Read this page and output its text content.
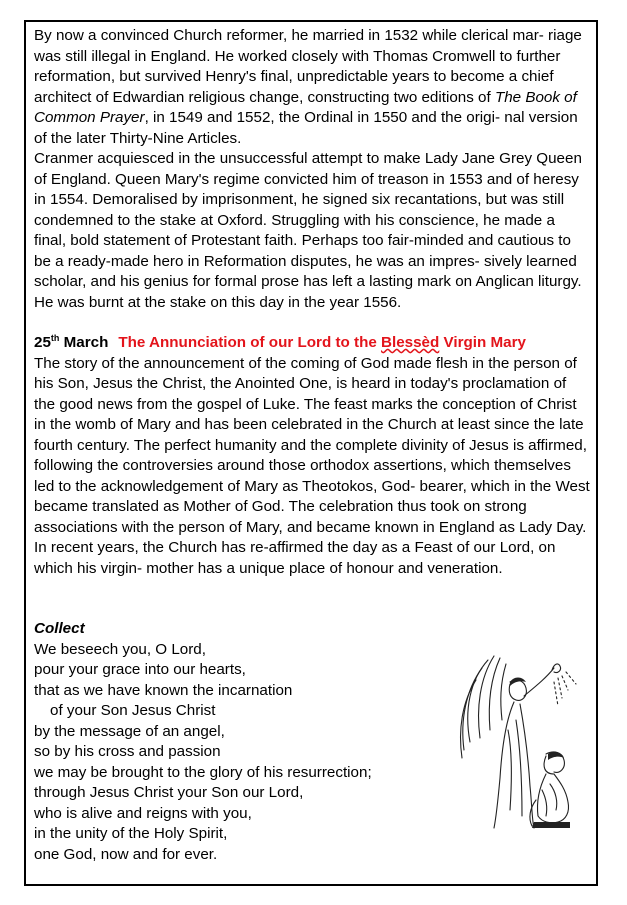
By now a convinced Church reformer, he married in 1532 while clerical mar- riage was still illegal in England. He worked closely with Thomas Cromwell to further reformation, but survived Henry's final, unpredictable years to become a chief architect of Edwardian religious change, constructing two editions of The Book of Common Prayer, in 1549 and 1552, the Ordinal in 1550 and the origi- nal version of the later Thirty-Nine Articles.

Cranmer acquiesced in the unsuccessful attempt to make Lady Jane Grey Queen of England. Queen Mary's regime convicted him of treason in 1553 and of heresy in 1554. Demoralised by imprisonment, he signed six recantations, but was still condemned to the stake at Oxford. Struggling with his conscience, he made a final, bold statement of Protestant faith. Perhaps too fair-minded and cautious to be a ready-made hero in Reformation disputes, he was an impres- sively learned scholar, and his genius for formal prose has left a lasting mark on Anglican liturgy. He was burnt at the stake on this day in the year 1556.

25th March The Annunciation of our Lord to the Blessèd Virgin Mary

The story of the announcement of the coming of God made flesh in the person of his Son, Jesus the Christ, the Anointed One, is heard in today's proclamation of the good news from the gospel of Luke. The feast marks the conception of Christ in the womb of Mary and has been celebrated in the Church at least since the late fourth century. The perfect humanity and the complete divinity of Jesus is affirmed, following the controversies around those orthodox assertions, which themselves led to the acknowledgement of Mary as Theotokos, God- bearer, which in the West became translated as Mother of God. The celebration thus took on strong associations with the person of Mary, and became known in England as Lady Day. In recent years, the Church has re-affirmed the day as a Feast of our Lord, on which his virgin- mother has a unique place of honour and veneration.

Collect

We beseech you, O Lord,
pour your grace into our hearts,
that as we have known the incarnation
of your Son Jesus Christ
by the message of an angel,
so by his cross and passion
we may be brought to the glory of his resurrection;
through Jesus Christ your Son our Lord,
who is alive and reigns with you,
in the unity of the Holy Spirit,
one God, now and for ever.
